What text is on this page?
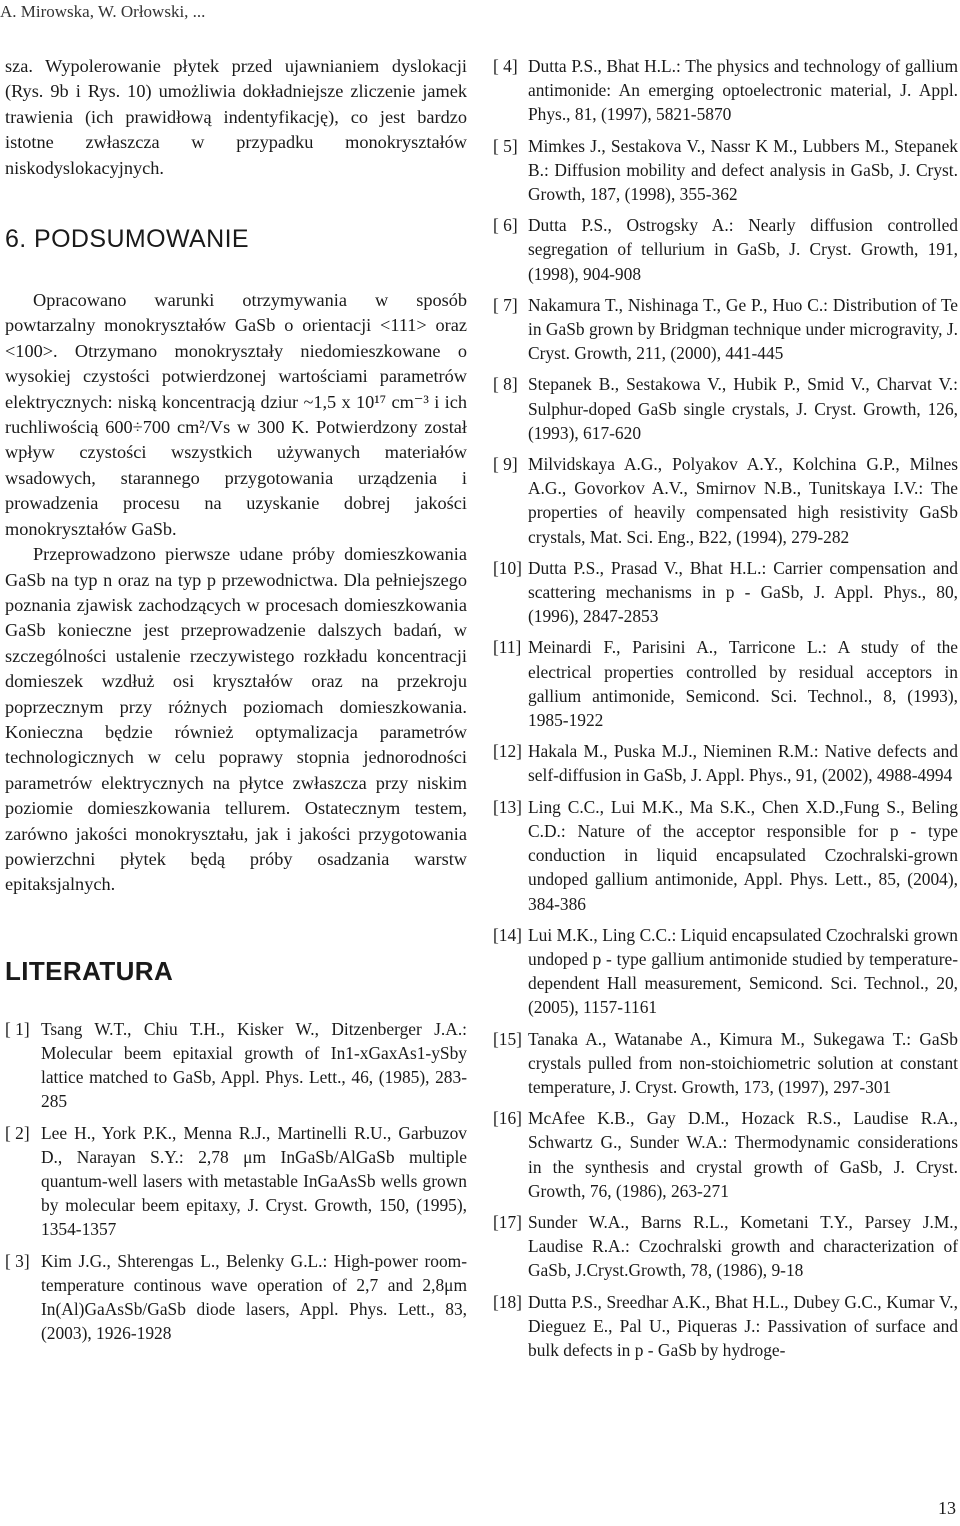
A. Mirowska, W. Orłowski, ...

sza. Wypolerowanie płytek przed ujawnianiem dyslokacji (Rys. 9b i Rys. 10) umożliwia dokładniejsze zliczenie jamek trawienia (ich prawidłową indentyfikację), co jest bardzo istotne zwłaszcza w przypadku monokryształów niskodyslokacyjnych.

6. PODSUMOWANIE

Opracowano warunki otrzymywania w sposób powtarzalny monokryształów GaSb o orientacji <111> oraz <100>. Otrzymano monokryształy niedomieszkowane o wysokiej czystości potwierdzonej wartościami parametrów elektrycznych: niską koncentracją dziur ~1,5 x 10¹⁷ cm⁻³ i ich ruchliwością 600÷700 cm²/Vs w 300 K. Potwierdzony został wpływ czystości wszystkich używanych materiałów wsadowych, starannego przygotowania urządzenia i prowadzenia procesu na uzyskanie dobrej jakości monokryształów GaSb.

Przeprowadzono pierwsze udane próby domieszkowania GaSb na typ n oraz na typ p przewodnictwa. Dla pełniejszego poznania zjawisk zachodzących w procesach domieszkowania GaSb konieczne jest przeprowadzenie dalszych badań, w szczególności ustalenie rzeczywistego rozkładu koncentracji domieszek wzdłuż osi kryształów oraz na przekroju poprzecznym przy różnych poziomach domieszkowania. Konieczna będzie również optymalizacja parametrów technologicznych w celu poprawy stopnia jednorodności parametrów elektrycznych na płytce zwłaszcza przy niskim poziomie domieszkowania tellurem. Ostatecznym testem, zarówno jakości monokryształu, jak i jakości przygotowania powierzchni płytek będą próby osadzania warstw epitaksjalnych.

LITERATURA
[ 1] Tsang W.T., Chiu T.H., Kisker W., Ditzenberger J.A.: Molecular beem epitaxial growth of In1-xGaxAs1-ySby lattice matched to GaSb, Appl. Phys. Lett., 46, (1985), 283-285
[ 2] Lee H., York P.K., Menna R.J., Martinelli R.U., Garbuzov D., Narayan S.Y.: 2,78 μm InGaSb/AlGaSb multiple quantum-well lasers with metastable InGaAsSb wells grown by molecular beem epitaxy, J. Cryst. Growth, 150, (1995), 1354-1357
[ 3] Kim J.G., Shterengas L., Belenky G.L.: High-power room-temperature continous wave operation of 2,7 and 2,8μm In(Al)GaAsSb/GaSb diode lasers, Appl. Phys. Lett., 83, (2003), 1926-1928
[ 4] Dutta P.S., Bhat H.L.: The physics and technology of gallium antimonide: An emerging optoelectronic material, J. Appl. Phys., 81, (1997), 5821-5870
[ 5] Mimkes J., Sestakova V., Nassr K M., Lubbers M., Stepanek B.: Diffusion mobility and defect analysis in GaSb, J. Cryst. Growth, 187, (1998), 355-362
[ 6] Dutta P.S., Ostrogsky A.: Nearly diffusion controlled segregation of tellurium in GaSb, J. Cryst. Growth, 191, (1998), 904-908
[ 7] Nakamura T., Nishinaga T., Ge P., Huo C.: Distribution of Te in GaSb grown by Bridgman technique under microgravity, J. Cryst. Growth, 211, (2000), 441-445
[ 8] Stepanek B., Sestakowa V., Hubik P., Smid V., Charvat V.: Sulphur-doped GaSb single crystals, J. Cryst. Growth, 126, (1993), 617-620
[ 9] Milvidskaya A.G., Polyakov A.Y., Kolchina G.P., Milnes A.G., Govorkov A.V., Smirnov N.B., Tunitskaya I.V.: The properties of heavily compensated high resistivity GaSb crystals, Mat. Sci. Eng., B22, (1994), 279-282
[10] Dutta P.S., Prasad V., Bhat H.L.: Carrier compensation and scattering mechanisms in p - GaSb, J. Appl. Phys., 80, (1996), 2847-2853
[11] Meinardi F., Parisini A., Tarricone L.: A study of the electrical properties controlled by residual acceptors in gallium antimonide, Semicond. Sci. Technol., 8, (1993), 1985-1922
[12] Hakala M., Puska M.J., Nieminen R.M.: Native defects and self-diffusion in GaSb, J. Appl. Phys., 91, (2002), 4988-4994
[13] Ling C.C., Lui M.K., Ma S.K., Chen X.D.,Fung S., Beling C.D.: Nature of the acceptor responsible for p - type conduction in liquid encapsulated Czochralski-grown undoped gallium antimonide, Appl. Phys. Lett., 85, (2004), 384-386
[14] Lui M.K., Ling C.C.: Liquid encapsulated Czochralski grown undoped p - type gallium antimonide studied by temperature-dependent Hall measurement, Semicond. Sci. Technol., 20, (2005), 1157-1161
[15] Tanaka A., Watanabe A., Kimura M., Sukegawa T.: GaSb crystals pulled from non-stoichiometric solution at constant temperature, J. Cryst. Growth, 173, (1997), 297-301
[16] McAfee K.B., Gay D.M., Hozack R.S., Laudise R.A., Schwartz G., Sunder W.A.: Thermodynamic considerations in the synthesis and crystal growth of GaSb, J. Cryst. Growth, 76, (1986), 263-271
[17] Sunder W.A., Barns R.L., Kometani T.Y., Parsey J.M., Laudise R.A.: Czochralski growth and characterization of GaSb, J.Cryst.Growth, 78, (1986), 9-18
[18] Dutta P.S., Sreedhar A.K., Bhat H.L., Dubey G.C., Kumar V., Dieguez E., Pal U., Piqueras J.: Passivation of surface and bulk defects in p - GaSb by hydroge-
13
